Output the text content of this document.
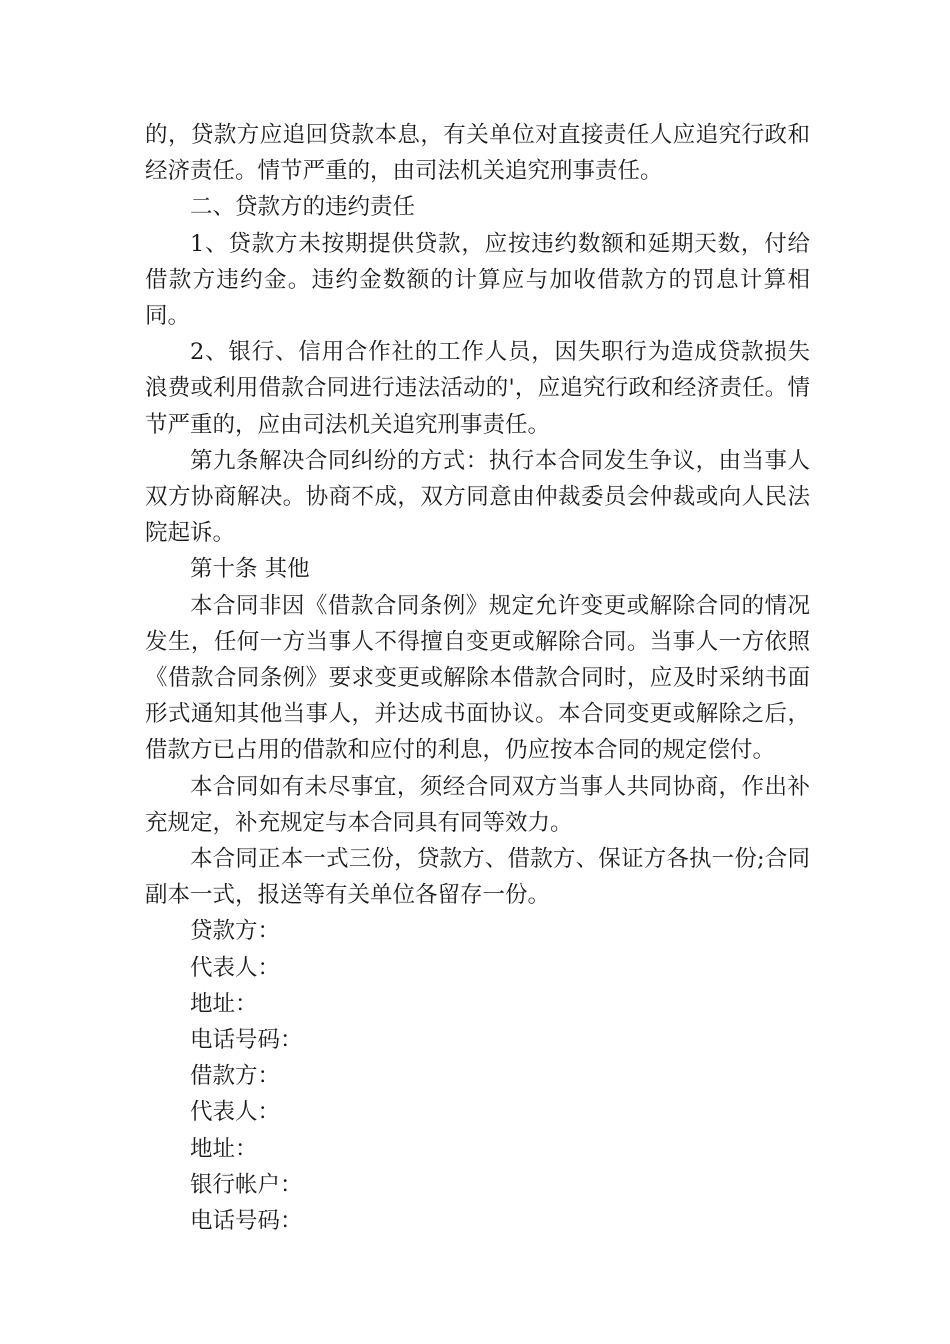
的，贷款方应追回贷款本息，有关单位对直接责任人应追究行政和经济责任。情节严重的，由司法机关追究刑事责任。

二、贷款方的违约责任

1、贷款方未按期提供贷款，应按违约数额和延期天数，付给借款方违约金。违约金数额的计算应与加收借款方的罚息计算相同。

2、银行、信用合作社的工作人员，因失职行为造成贷款损失浪费或利用借款合同进行违法活动的'，应追究行政和经济责任。情节严重的，应由司法机关追究刑事责任。

第九条解决合同纠纷的方式：执行本合同发生争议，由当事人双方协商解决。协商不成，双方同意由仲裁委员会仲裁或向人民法院起诉。

第十条 其他

本合同非因《借款合同条例》规定允许变更或解除合同的情况发生，任何一方当事人不得擅自变更或解除合同。当事人一方依照《借款合同条例》要求变更或解除本借款合同时，应及时采纳书面形式通知其他当事人，并达成书面协议。本合同变更或解除之后，借款方已占用的借款和应付的利息，仍应按本合同的规定偿付。

本合同如有未尽事宜，须经合同双方当事人共同协商，作出补充规定，补充规定与本合同具有同等效力。

本合同正本一式三份，贷款方、借款方、保证方各执一份;合同副本一式，报送等有关单位各留存一份。

贷款方：

代表人：

地址：

电话号码：

借款方：

代表人：

地址：

银行帐户：

电话号码：
